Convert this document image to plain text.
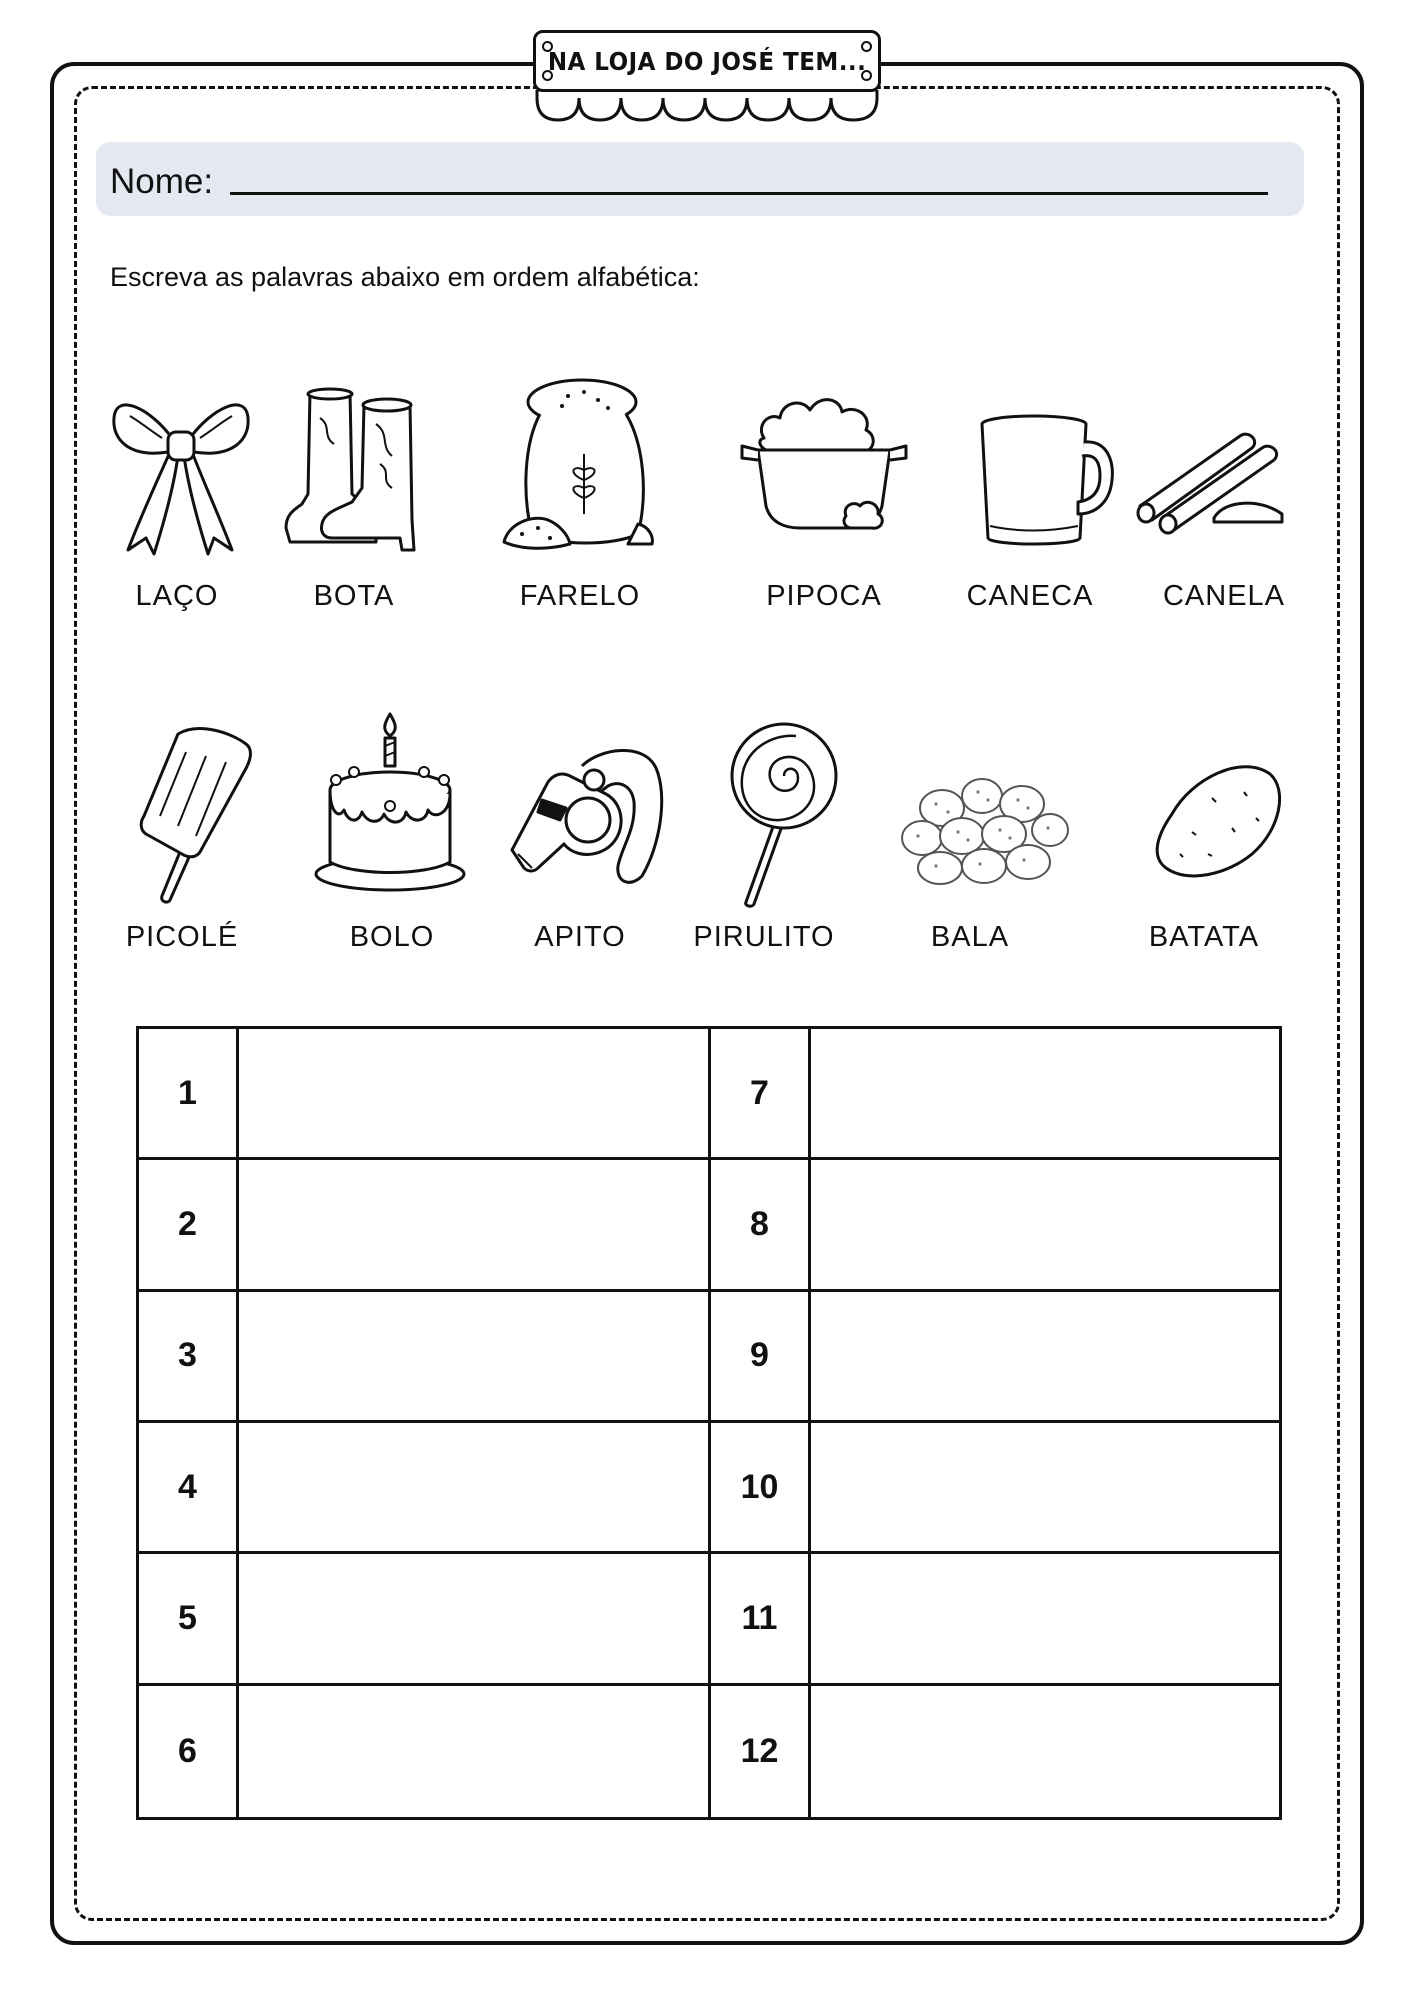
NA LOJA DO JOSÉ TEM...
Nome:
Escreva as palavras abaixo em ordem alfabética:
LAÇO	BOTA	FARELO	PIPOCA	CANECA CANELA
PICOLÉ	BOLO	APITO PIRULITO	BALA	BATATA
1	7
2	8
3	9
4	10
5	11
6	12
